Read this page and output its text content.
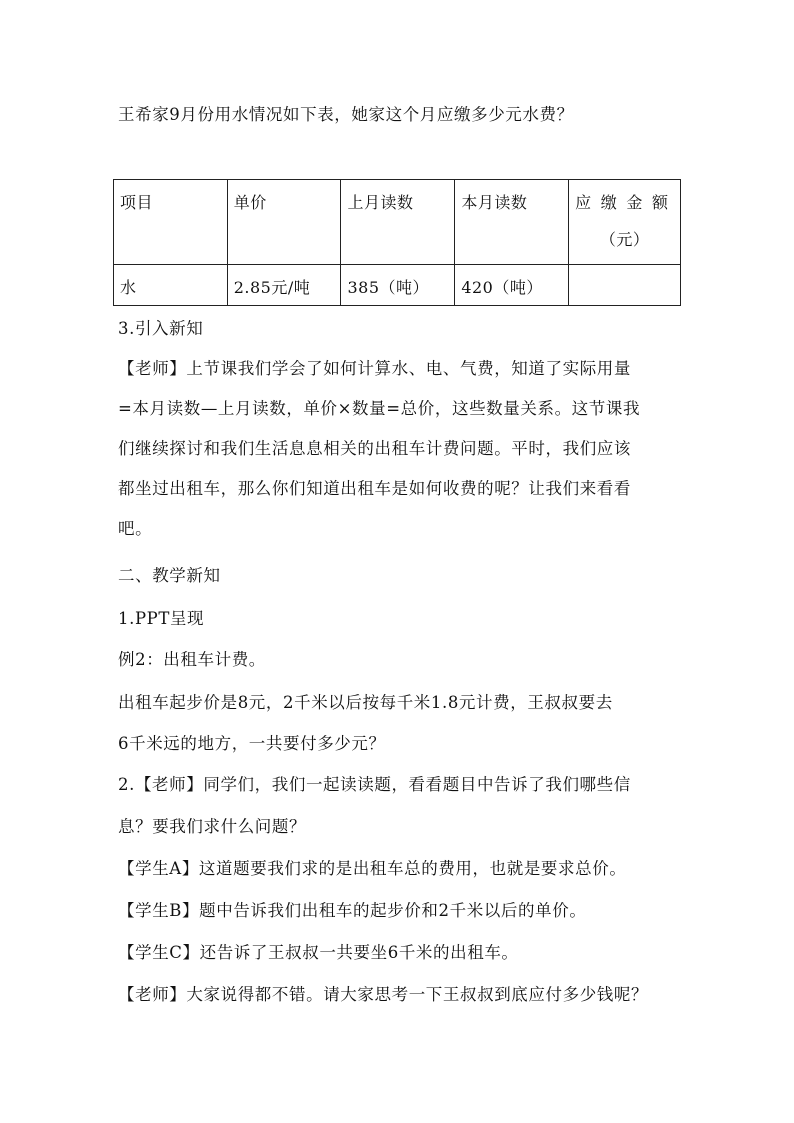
王希家9月份用水情况如下表，她家这个月应缴多少元水费？
项目	单价	上月读数	本月读数	应缴金额
（元）

水	2.85元/吨	385（吨）	420（吨）	
3.引入新知
【老师】上节课我们学会了如何计算水、电、气费，知道了实际用量
=本月读数—上月读数，单价×数量=总价，这些数量关系。这节课我
们继续探讨和我们生活息息相关的出租车计费问题。平时，我们应该
都坐过出租车，那么你们知道出租车是如何收费的呢？让我们来看看
吧。
二、教学新知
1.PPT呈现
例2：出租车计费。
出租车起步价是8元，2千米以后按每千米1.8元计费，王叔叔要去
6千米远的地方，一共要付多少元？
2.【老师】同学们，我们一起读读题，看看题目中告诉了我们哪些信
息？要我们求什么问题？
【学生A】这道题要我们求的是出租车总的费用，也就是要求总价。
【学生B】题中告诉我们出租车的起步价和2千米以后的单价。
【学生C】还告诉了王叔叔一共要坐6千米的出租车。
【老师】大家说得都不错。请大家思考一下王叔叔到底应付多少钱呢？
